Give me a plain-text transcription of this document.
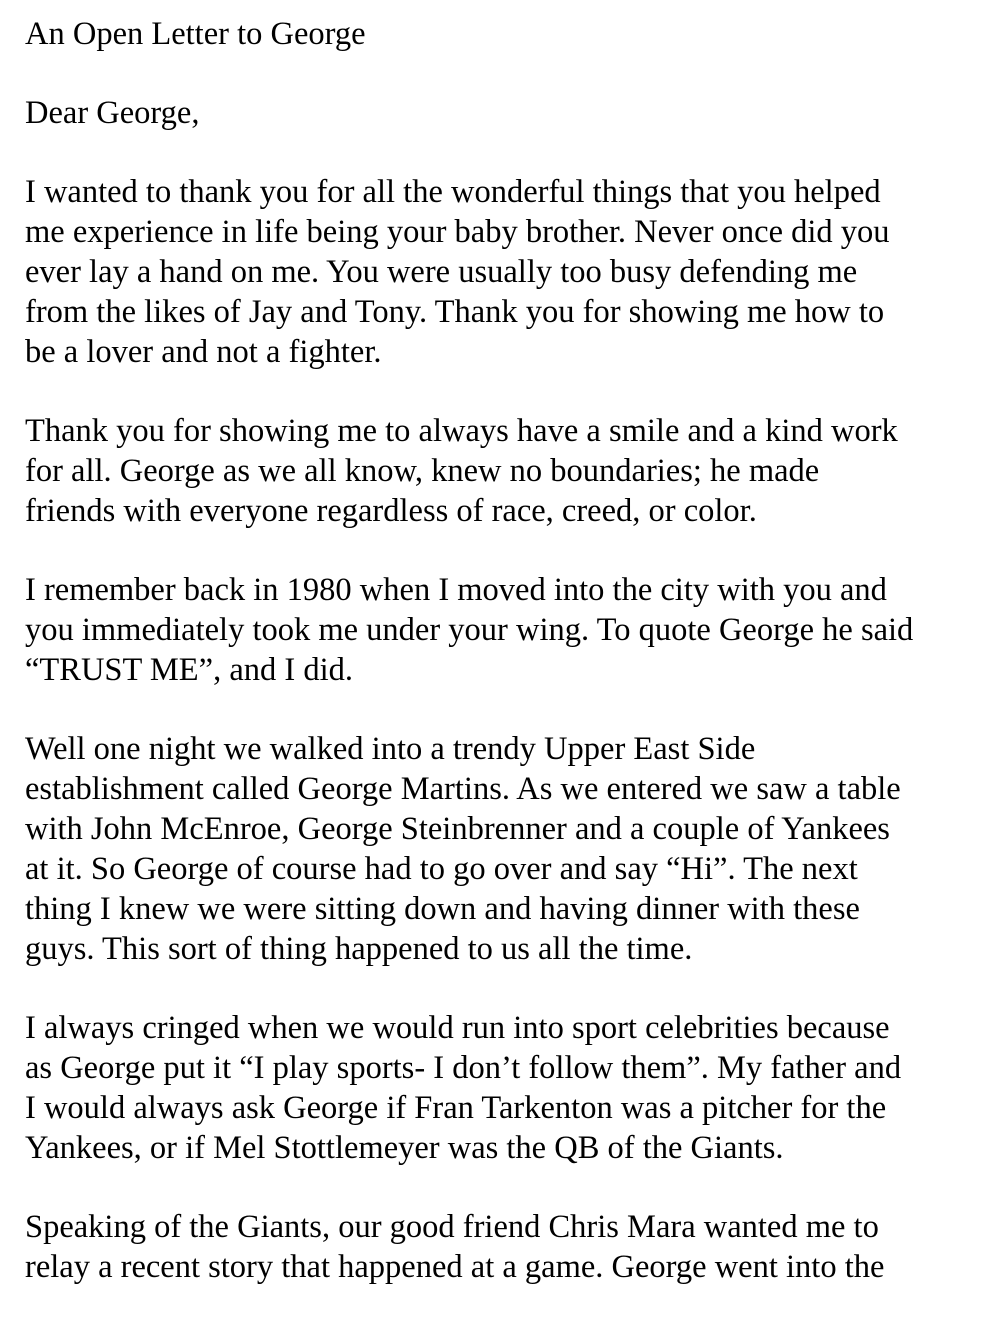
An Open Letter to George
Dear George,
I wanted to thank you for all the wonderful things that you helped
me experience in life being your baby brother. Never once did you
ever lay a hand on me. You were usually too busy defending me
from the likes of Jay and Tony. Thank you for showing me how to
be a lover and not a fighter.
Thank you for showing me to always have a smile and a kind work
for all. George as we all know, knew no boundaries; he made
friends with everyone regardless of race, creed, or color.
I remember back in 1980 when I moved into the city with you and
you immediately took me under your wing. To quote George he said
“TRUST ME”, and I did.
Well one night we walked into a trendy Upper East Side
establishment called George Martins. As we entered we saw a table
with John McEnroe, George Steinbrenner and a couple of Yankees
at it. So George of course had to go over and say “Hi”. The next
thing I knew we were sitting down and having dinner with these
guys. This sort of thing happened to us all the time.
I always cringed when we would run into sport celebrities because
as George put it “I play sports- I don’t follow them”. My father and
I would always ask George if Fran Tarkenton was a pitcher for the
Yankees, or if Mel Stottlemeyer was the QB of the Giants.
Speaking of the Giants, our good friend Chris Mara wanted me to
relay a recent story that happened at a game. George went into the
